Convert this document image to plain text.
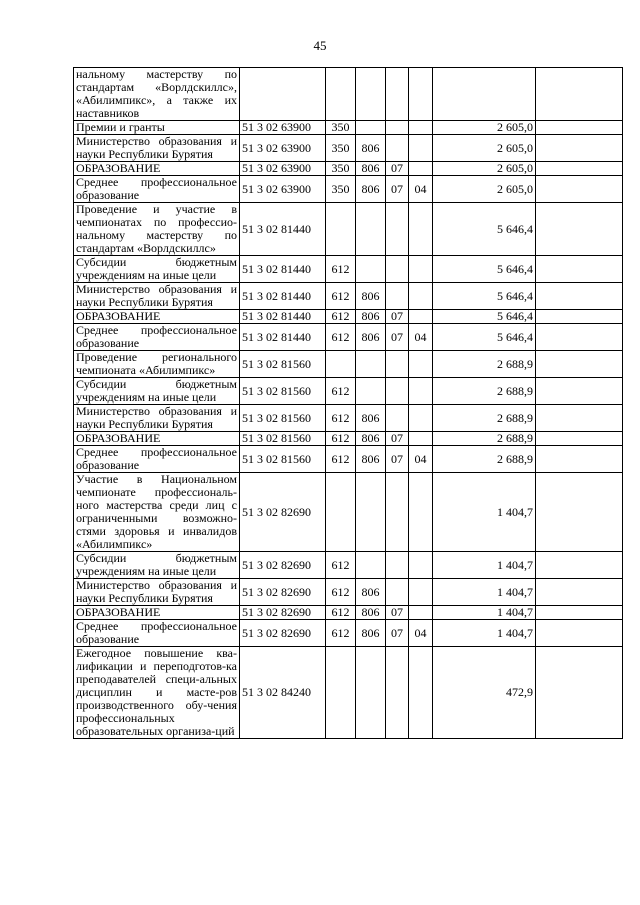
45
нальному мастерству по стандартам «Ворлдскиллс», «Абилимпикс», а также их наставников							
Премии и гранты	51 3 02 63900	350				2 605,0	
Министерство образования и науки Республики Бурятия	51 3 02 63900	350	806			2 605,0	
ОБРАЗОВАНИЕ	51 3 02 63900	350	806	07		2 605,0	
Среднее профессиональное образование	51 3 02 63900	350	806	07	04	2 605,0	
Проведение и участие в чемпионатах по профессио-нальному мастерству по стандартам «Ворлдскиллс»	51 3 02 81440					5 646,4	
Субсидии бюджетным учреждениям на иные цели	51 3 02 81440	612				5 646,4	
Министерство образования и науки Республики Бурятия	51 3 02 81440	612	806			5 646,4	
ОБРАЗОВАНИЕ	51 3 02 81440	612	806	07		5 646,4	
Среднее профессиональное образование	51 3 02 81440	612	806	07	04	5 646,4	
Проведение регионального чемпионата «Абилимпикс»	51 3 02 81560					2 688,9	
Субсидии бюджетным учреждениям на иные цели	51 3 02 81560	612				2 688,9	
Министерство образования и науки Республики Бурятия	51 3 02 81560	612	806			2 688,9	
ОБРАЗОВАНИЕ	51 3 02 81560	612	806	07		2 688,9	
Среднее профессиональное образование	51 3 02 81560	612	806	07	04	2 688,9	
Участие в Национальном чемпионате профессиональ-ного мастерства среди лиц с ограниченными возможно-стями здоровья и инвалидов «Абилимпикс»	51 3 02 82690					1 404,7	
Субсидии бюджетным учреждениям на иные цели	51 3 02 82690	612				1 404,7	
Министерство образования и науки Республики Бурятия	51 3 02 82690	612	806			1 404,7	
ОБРАЗОВАНИЕ	51 3 02 82690	612	806	07		1 404,7	
Среднее профессиональное образование	51 3 02 82690	612	806	07	04	1 404,7	
Ежегодное повышение ква-лификации и переподготов-ка преподавателей специ-альных дисциплин и масте-ров производственного обу-чения профессиональных образовательных организа-ций	51 3 02 84240					472,9	
